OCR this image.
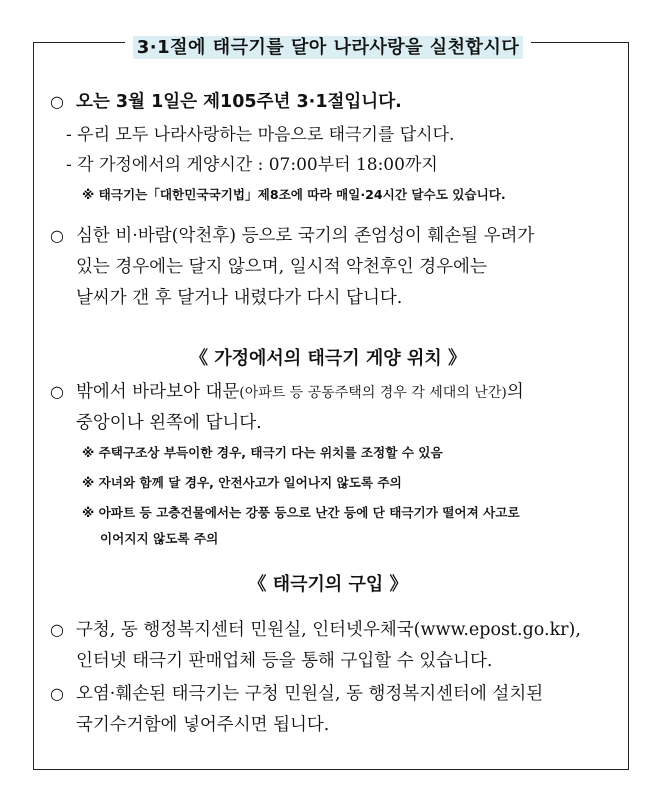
3·1절에 태극기를 달아 나라사랑을 실천합시다
○ 오는 3월 1일은 제105주년 3·1절입니다.
- 우리 모두 나라사랑하는 마음으로 태극기를 답시다.
- 각 가정에서의 게양시간 : 07:00부터 18:00까지
※ 태극기는「대한민국국기법」제8조에 따라 매일·24시간 달수도 있습니다.
○ 심한 비·바람(악천후) 등으로 국기의 존엄성이 훼손될 우려가
있는 경우에는 달지 않으며, 일시적 악천후인 경우에는
날씨가 갠 후 달거나 내렸다가 다시 답니다.
《 가정에서의 태극기 게양 위치 》
○ 밖에서 바라보아 대문(아파트 등 공동주택의 경우 각 세대의 난간)의
중앙이나 왼쪽에 답니다.
※ 주택구조상 부득이한 경우, 태극기 다는 위치를 조정할 수 있음
※ 자녀와 함께 달 경우, 안전사고가 일어나지 않도록 주의
※ 아파트 등 고층건물에서는 강풍 등으로 난간 등에 단 태극기가 떨어져 사고로
이어지지 않도록 주의
《 태극기의 구입 》
○ 구청, 동 행정복지센터 민원실, 인터넷우체국(www.epost.go.kr),
인터넷 태극기 판매업체 등을 통해 구입할 수 있습니다.
○ 오염·훼손된 태극기는 구청 민원실, 동 행정복지센터에 설치된
국기수거함에 넣어주시면 됩니다.
